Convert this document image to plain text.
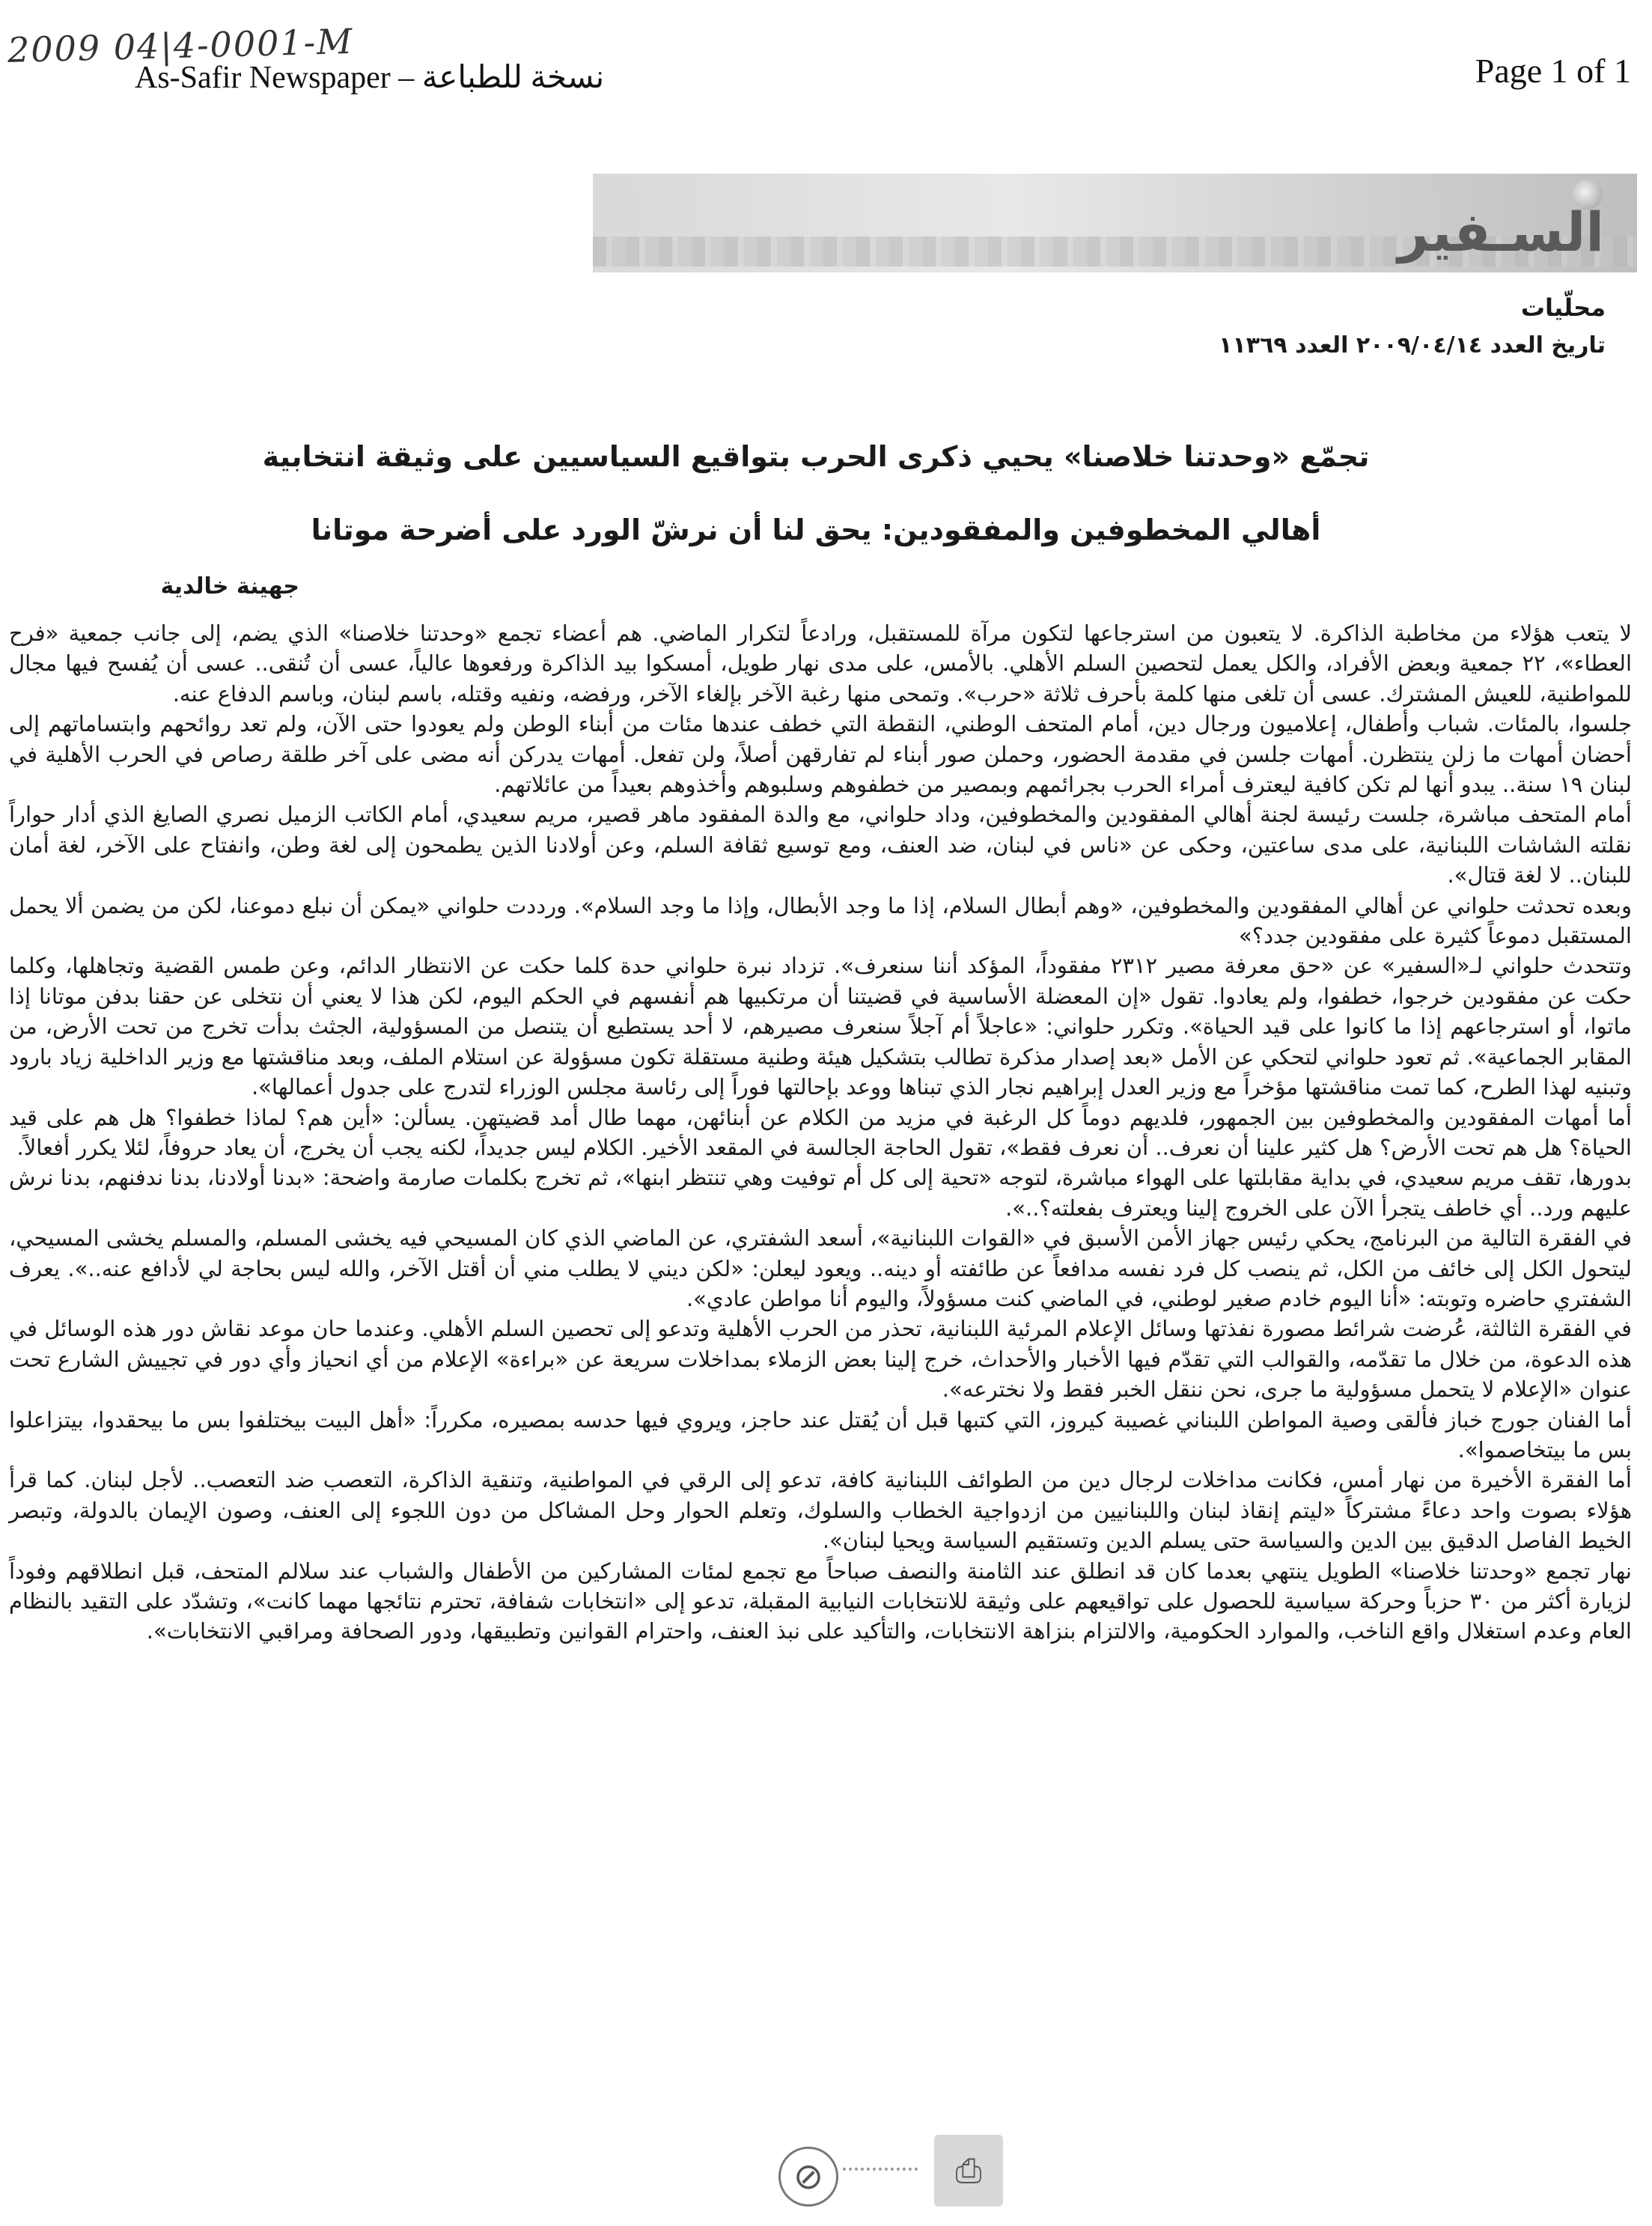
2009 04|4-0001-M
As-Safir Newspaper – نسخة للطباعة	Page 1 of 1
السـفير
محلّيات
تاريخ العدد ٢٠٠٩/٠٤/١٤ العدد ١١٣٦٩
تجمّع «وحدتنا خلاصنا» يحيي ذكرى الحرب بتواقيع السياسيين على وثيقة انتخابية
أهالي المخطوفين والمفقودين: يحق لنا أن نرشّ الورد على أضرحة موتانا
جهينة خالدية

لا يتعب هؤلاء من مخاطبة الذاكرة. لا يتعبون من استرجاعها لتكون مرآة للمستقبل، ورادعاً لتكرار الماضي. هم أعضاء تجمع «وحدتنا خلاصنا» الذي يضم، إلى جانب جمعية «فرح العطاء»، ٢٢ جمعية وبعض الأفراد، والكل يعمل لتحصين السلم الأهلي. بالأمس، على مدى نهار طويل، أمسكوا بيد الذاكرة ورفعوها عالياً، عسى أن تُنقى.. عسى أن يُفسح فيها مجال للمواطنية، للعيش المشترك. عسى أن تلغى منها كلمة بأحرف ثلاثة «حرب». وتمحى منها رغبة الآخر بإلغاء الآخر، ورفضه، ونفيه وقتله، باسم لبنان، وباسم الدفاع عنه.

جلسوا، بالمئات. شباب وأطفال، إعلاميون ورجال دين، أمام المتحف الوطني، النقطة التي خطف عندها مئات من أبناء الوطن ولم يعودوا حتى الآن، ولم تعد روائحهم وابتساماتهم إلى أحضان أمهات ما زلن ينتظرن. أمهات جلسن في مقدمة الحضور، وحملن صور أبناء لم تفارقهن أصلاً، ولن تفعل. أمهات يدركن أنه مضى على آخر طلقة رصاص في الحرب الأهلية في لبنان ١٩ سنة.. يبدو أنها لم تكن كافية ليعترف أمراء الحرب بجرائمهم وبمصير من خطفوهم وسلبوهم وأخذوهم بعيداً من عائلاتهم.

أمام المتحف مباشرة، جلست رئيسة لجنة أهالي المفقودين والمخطوفين، وداد حلواني، مع والدة المفقود ماهر قصير، مريم سعيدي، أمام الكاتب الزميل نصري الصايغ الذي أدار حواراً نقلته الشاشات اللبنانية، على مدى ساعتين، وحكى عن «ناس في لبنان، ضد العنف، ومع توسيع ثقافة السلم، وعن أولادنا الذين يطمحون إلى لغة وطن، وانفتاح على الآخر، لغة أمان للبنان.. لا لغة قتال».

وبعده تحدثت حلواني عن أهالي المفقودين والمخطوفين، «وهم أبطال السلام، إذا ما وجد الأبطال، وإذا ما وجد السلام». ورددت حلواني «يمكن أن نبلع دموعنا، لكن من يضمن ألا يحمل المستقبل دموعاً كثيرة على مفقودين جدد؟»

وتتحدث حلواني لـ«السفير» عن «حق معرفة مصير ٢٣١٢ مفقوداً، المؤكد أننا سنعرف». تزداد نبرة حلواني حدة كلما حكت عن الانتظار الدائم، وعن طمس القضية وتجاهلها، وكلما حكت عن مفقودين خرجوا، خطفوا، ولم يعادوا. تقول «إن المعضلة الأساسية في قضيتنا أن مرتكبيها هم أنفسهم في الحكم اليوم، لكن هذا لا يعني أن نتخلى عن حقنا بدفن موتانا إذا ماتوا، أو استرجاعهم إذا ما كانوا على قيد الحياة». وتكرر حلواني: «عاجلاً أم آجلاً سنعرف مصيرهم، لا أحد يستطيع أن يتنصل من المسؤولية، الجثث بدأت تخرج من تحت الأرض، من المقابر الجماعية». ثم تعود حلواني لتحكي عن الأمل «بعد إصدار مذكرة تطالب بتشكيل هيئة وطنية مستقلة تكون مسؤولة عن استلام الملف، وبعد مناقشتها مع وزير الداخلية زياد بارود وتبنيه لهذا الطرح، كما تمت مناقشتها مؤخراً مع وزير العدل إبراهيم نجار الذي تبناها ووعد بإحالتها فوراً إلى رئاسة مجلس الوزراء لتدرج على جدول أعمالها».

أما أمهات المفقودين والمخطوفين بين الجمهور، فلديهم دوماً كل الرغبة في مزيد من الكلام عن أبنائهن، مهما طال أمد قضيتهن. يسألن: «أين هم؟ لماذا خطفوا؟ هل هم على قيد الحياة؟ هل هم تحت الأرض؟ هل كثير علينا أن نعرف.. أن نعرف فقط»، تقول الحاجة الجالسة في المقعد الأخير. الكلام ليس جديداً، لكنه يجب أن يخرج، أن يعاد حروفاً، لئلا يكرر أفعالاً.

بدورها، تقف مريم سعيدي، في بداية مقابلتها على الهواء مباشرة، لتوجه «تحية إلى كل أم توفيت وهي تنتظر ابنها»، ثم تخرج بكلمات صارمة واضحة: «بدنا أولادنا، بدنا ندفنهم، بدنا نرش عليهم ورد.. أي خاطف يتجرأ الآن على الخروج إلينا ويعترف بفعلته؟..».

في الفقرة التالية من البرنامج، يحكي رئيس جهاز الأمن الأسبق في «القوات اللبنانية»، أسعد الشفتري، عن الماضي الذي كان المسيحي فيه يخشى المسلم، والمسلم يخشى المسيحي، ليتحول الكل إلى خائف من الكل، ثم ينصب كل فرد نفسه مدافعاً عن طائفته أو دينه.. ويعود ليعلن: «لكن ديني لا يطلب مني أن أقتل الآخر، والله ليس بحاجة لي لأدافع عنه..». يعرف الشفتري حاضره وتوبته: «أنا اليوم خادم صغير لوطني، في الماضي كنت مسؤولاً، واليوم أنا مواطن عادي».

في الفقرة الثالثة، عُرضت شرائط مصورة نفذتها وسائل الإعلام المرئية اللبنانية، تحذر من الحرب الأهلية وتدعو إلى تحصين السلم الأهلي. وعندما حان موعد نقاش دور هذه الوسائل في هذه الدعوة، من خلال ما تقدّمه، والقوالب التي تقدّم فيها الأخبار والأحداث، خرج إلينا بعض الزملاء بمداخلات سريعة عن «براءة» الإعلام من أي انحياز وأي دور في تجييش الشارع تحت عنوان «الإعلام لا يتحمل مسؤولية ما جرى، نحن ننقل الخبر فقط ولا نخترعه».

أما الفنان جورج خباز فألقى وصية المواطن اللبناني غصيبة كيروز، التي كتبها قبل أن يُقتل عند حاجز، ويروي فيها حدسه بمصيره، مكرراً: «أهل البيت بيختلفوا بس ما بيحقدوا، بيتزاعلوا بس ما بيتخاصموا».

أما الفقرة الأخيرة من نهار أمس، فكانت مداخلات لرجال دين من الطوائف اللبنانية كافة، تدعو إلى الرقي في المواطنية، وتنقية الذاكرة، التعصب ضد التعصب.. لأجل لبنان. كما قرأ هؤلاء بصوت واحد دعاءً مشتركاً «ليتم إنقاذ لبنان واللبنانيين من ازدواجية الخطاب والسلوك، وتعلم الحوار وحل المشاكل من دون اللجوء إلى العنف، وصون الإيمان بالدولة، وتبصر الخيط الفاصل الدقيق بين الدين والسياسة حتى يسلم الدين وتستقيم السياسة ويحيا لبنان».

نهار تجمع «وحدتنا خلاصنا» الطويل ينتهي بعدما كان قد انطلق عند الثامنة والنصف صباحاً مع تجمع لمئات المشاركين من الأطفال والشباب عند سلالم المتحف، قبل انطلاقهم وفوداً لزيارة أكثر من ٣٠ حزباً وحركة سياسية للحصول على تواقيعهم على وثيقة للانتخابات النيابية المقبلة، تدعو إلى «انتخابات شفافة، تحترم نتائجها مهما كانت»، وتشدّد على التقيد بالنظام العام وعدم استغلال واقع الناخب، والموارد الحكومية، والالتزام بنزاهة الانتخابات، والتأكيد على نبذ العنف، واحترام القوانين وتطبيقها، ودور الصحافة ومراقبي الانتخابات».

⊘	⎙
